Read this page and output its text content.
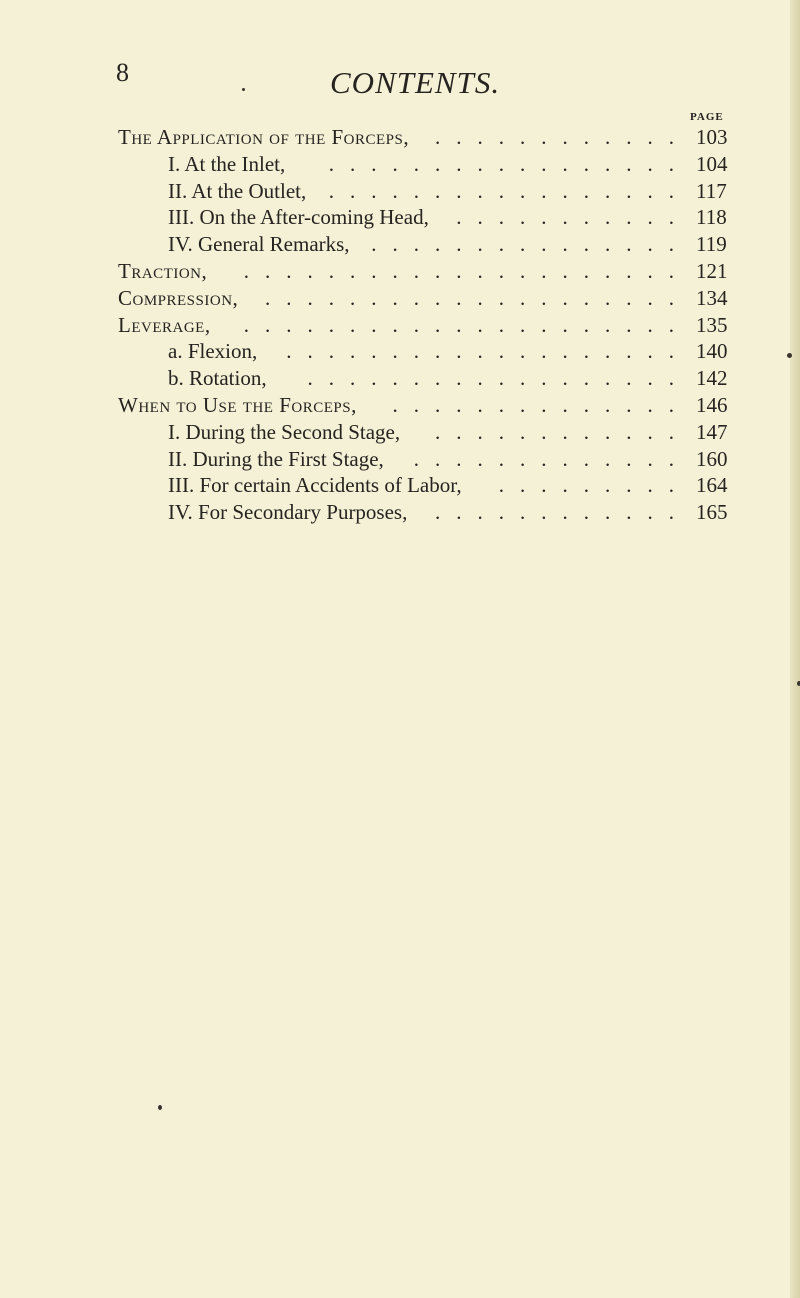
8	CONTENTS.
PAGE
The Application of the Forceps,	............ 103
I. At the Inlet,	................. 104
II. At the Outlet,	................. 117
III. On the After-coming Head,	........... 118
IV. General Remarks,	............... 119
Traction,	..................... 121
Compression,	.................... 134
Leverage,	..................... 135
a. Flexion,	................... 140
b. Rotation,	.................. 142
When to Use the Forceps,	.............. 146
I. During the Second Stage,	............ 147
II. During the First Stage,	............. 160
III. For certain Accidents of Labor,	......... 164
IV. For Secondary Purposes,	............ 165
